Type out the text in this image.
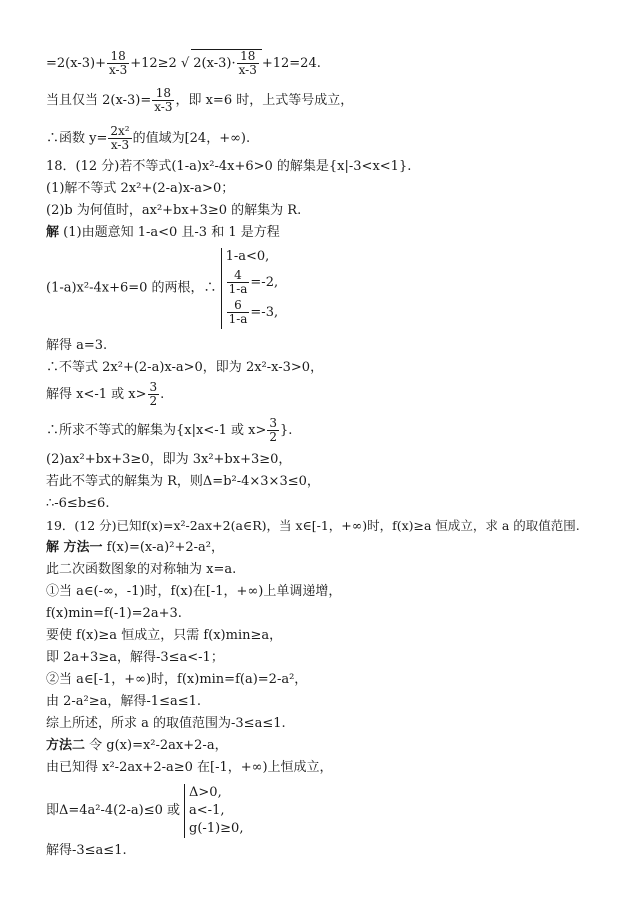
$=2(x-3)+ \frac{18}{x-3} +12\ge 2$ √ $2(x-3)\cdot \frac{18}{x-3} +12=24$.
当且仅当 $2(x-3)= \frac{18}{x-3}$ ，即 x=6 时，上式等号成立，
∴函数 $y= \frac{\text{2x²}}{x-3}$ 的值域为[24，+∞).
18．(12 分)若不等式(1-a)x²-4x+6>0 的解集是{x|-3<x<1}.
(1)解不等式 2x²+(2-a)x-a>0；
(2)b 为何值时，ax²+bx+3≥0 的解集为 R.
解 (1)由题意知 1-a<0 且-3 和 1 是方程
(1-a)x²-4x+6=0 的两根，∴
1-a<0,
$\frac{4}{1-a} =-2$,
$\frac{6}{1-a} =-3$,
解得 a=3.
∴不等式 2x²+(2-a)x-a>0，即为 2x²-x-3>0，
解得 x<-1 或 $x> \frac{3}{2}$ .
∴所求不等式的解集为{x|x<-1 或 $x> \frac{3}{2}$ }.
(2)ax²+bx+3≥0，即为 3x²+bx+3≥0，
若此不等式的解集为 R，则Δ=b²-4×3×3≤0，
∴-6≤b≤6.
19．(12 分)已知f(x)=x²-2ax+2(a∈R)，当 x∈[-1，+∞)时，f(x)≥a 恒成立，求 a 的取值范围.
解 方法一 f(x)=(x-a)²+2-a²，
此二次函数图象的对称轴为 x=a.
①当 a∈(-∞，-1)时，f(x)在[-1，+∞)上单调递增，
f(x)min=f(-1)=2a+3.
要使 f(x)≥a 恒成立，只需 f(x)min≥a，
即 2a+3≥a，解得-3≤a<-1；
②当 a∈[-1，+∞)时，f(x)min=f(a)=2-a²，
由 2-a²≥a，解得-1≤a≤1.
综上所述，所求 a 的取值范围为-3≤a≤1.
方法二 令 g(x)=x²-2ax+2-a，
由已知得 x²-2ax+2-a≥0 在[-1，+∞)上恒成立，
即Δ=4a²-4(2-a)≤0 或
Δ>0,
a<-1,
g(-1)≥0,
解得-3≤a≤1.
